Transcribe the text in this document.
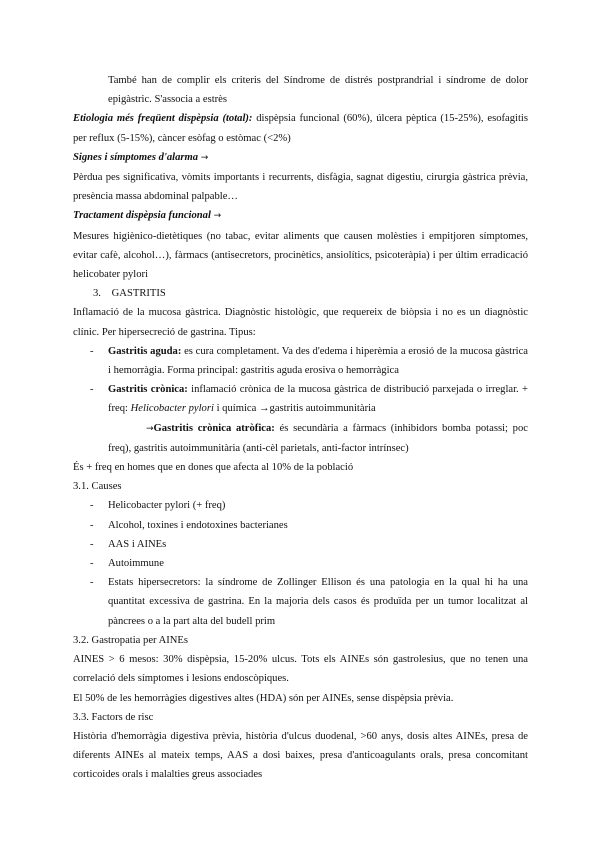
També han de complir els criteris del Síndrome de distrés postprandrial i síndrome de dolor epigàstric. S'associa a estrès

Etiologia més freqüent dispèpsia (total): dispèpsia funcional (60%), úlcera pèptica (15-25%), esofagitis per reflux (5-15%), càncer esòfag o estòmac (<2%)

Signes i símptomes d'alarma →

Pèrdua pes significativa, vòmits importants i recurrents, disfàgia, sagnat digestiu, cirurgia gàstrica prèvia, presència massa abdominal palpable…

Tractament dispèpsia funcional →

Mesures higiènico-dietètiques (no tabac, evitar aliments que causen molèsties i empitjoren símptomes, evitar cafè, alcohol…), fàrmacs (antisecretors, procinètics, ansiolítics, psicoteràpia) i per últim erradicació helicobater pylori

3. GASTRITIS

Inflamació de la mucosa gàstrica. Diagnòstic histològic, que requereix de biòpsia i no es un diagnòstic clínic. Per hipersecreció de gastrina. Tipus:

- Gastritis aguda: es cura completament. Va des d'edema i hiperèmia a erosió de la mucosa gàstrica i hemorràgia. Forma principal: gastritis aguda erosiva o hemorràgica

- Gastritis crònica: inflamació crònica de la mucosa gàstrica de distribució parxejada o irreglar. + freq: Helicobacter pylori i química →gastritis autoimmunitària

→Gastritis crònica atròfica: és secundària a fàrmacs (inhibidors bomba potassi; poc freq), gastritis autoimmunitària (anti-cèl parietals, anti-factor intrínsec)

És + freq en homes que en dones que afecta al 10% de la població

3.1. Causes

- Helicobacter pylori (+ freq)

- Alcohol, toxines i endotoxines bacterianes

- AAS i AINEs

- Autoimmune

- Estats hipersecretors: la síndrome de Zollinger Ellison és una patologia en la qual hi ha una quantitat excessiva de gastrina. En la majoria dels casos és produïda per un tumor localitzat al pàncrees o a la part alta del budell prim

3.2. Gastropatia per AINEs

AINES > 6 mesos: 30% dispèpsia, 15-20% ulcus. Tots els AINEs són gastrolesius, que no tenen una correlació dels símptomes i lesions endoscòpiques.

El 50% de les hemorràgies digestives altes (HDA) són per AINEs, sense dispèpsia prèvia.

3.3. Factors de risc

Història d'hemorràgia digestiva prèvia, història d'ulcus duodenal, >60 anys, dosis altes AINEs, presa de diferents AINEs al mateix temps, AAS a dosi baixes, presa d'anticoagulants orals, presa concomitant corticoides orals i malalties greus associades
